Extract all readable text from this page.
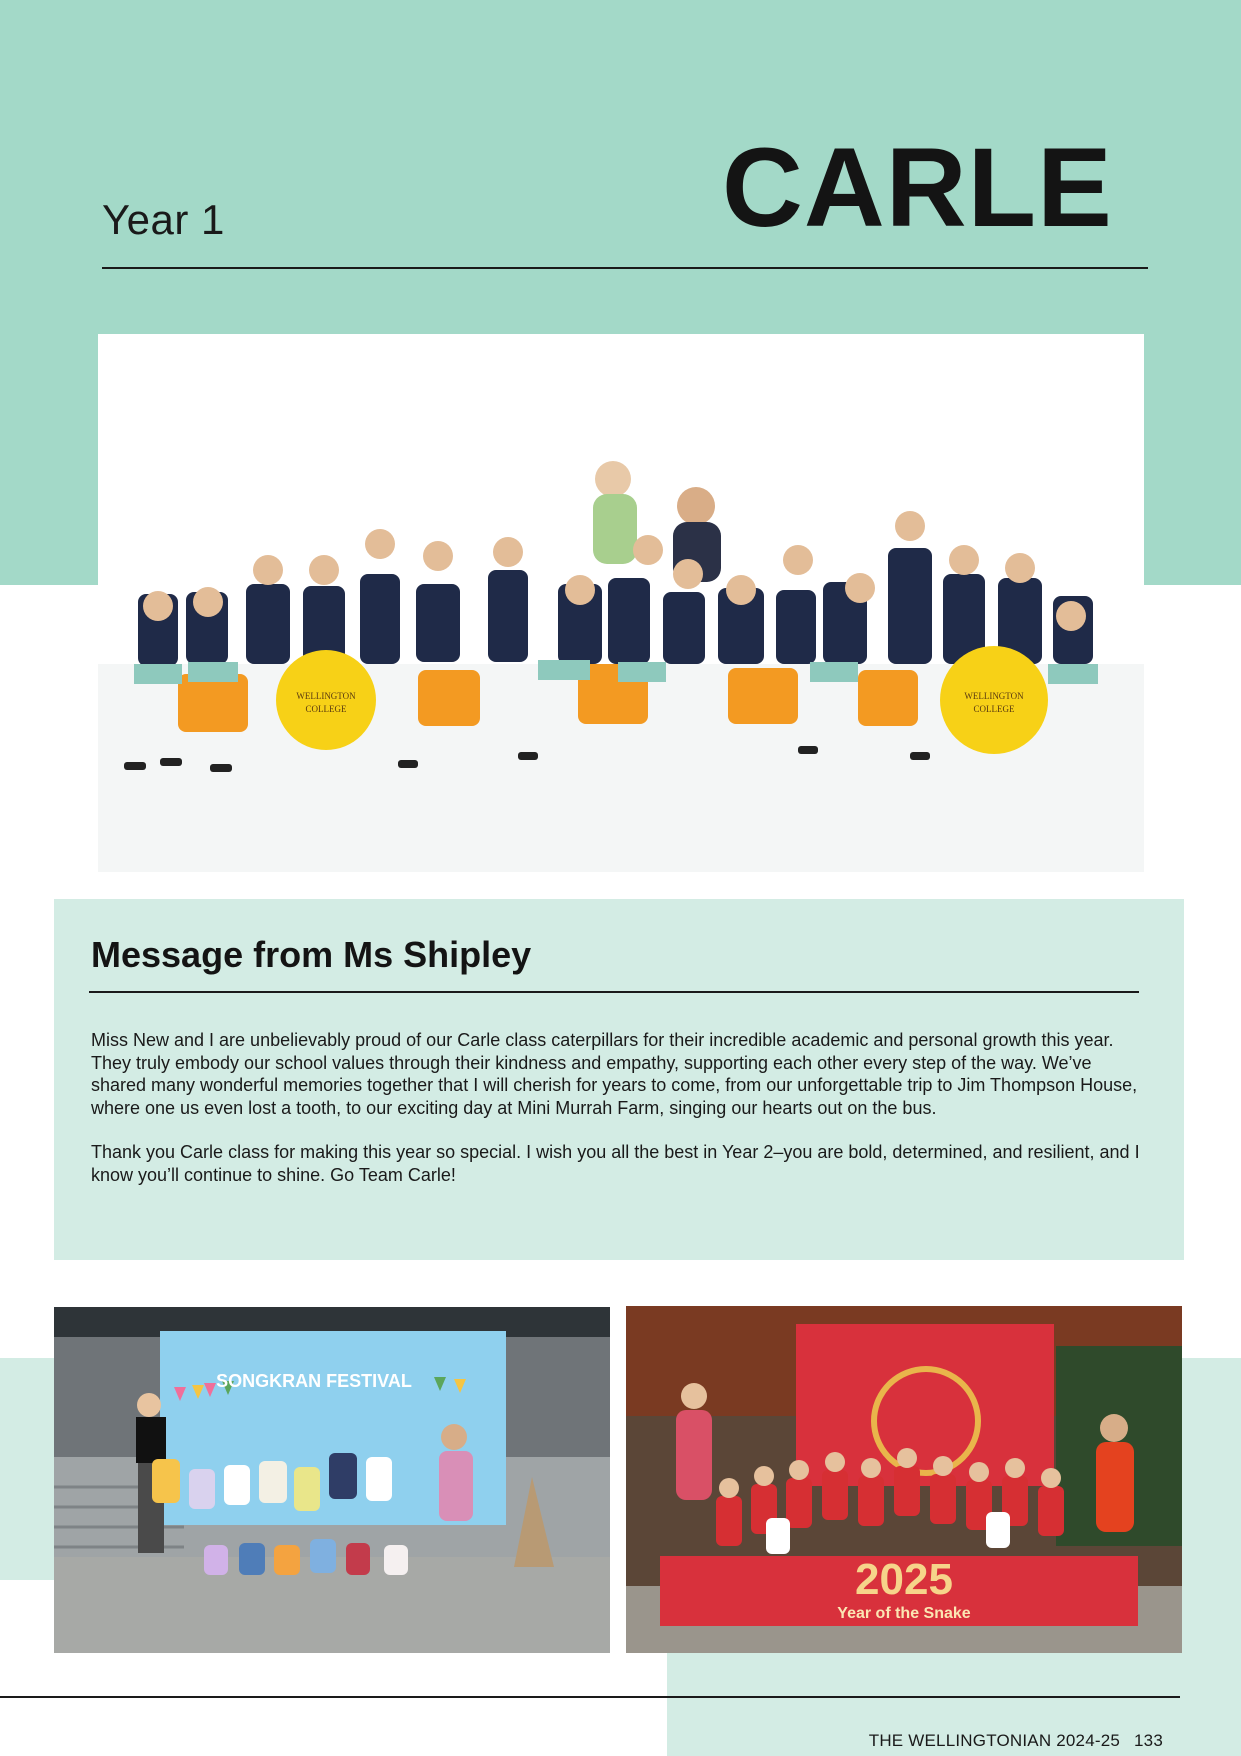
Year 1	CARLE
WELLINGTON
COLLEGE
WELLINGTON
COLLEGE
Message from Ms Shipley

Miss New and I are unbelievably proud of our Carle class caterpillars for their incredible academic and personal growth this year. They truly embody our school values through their kindness and empathy, supporting each other every step of the way. We’ve shared many wonderful memories together that I will cherish for years to come, from our unforgettable trip to Jim Thompson House, where one us even lost a tooth, to our exciting day at Mini Murrah Farm, singing our hearts out on the bus.

Thank you Carle class for making this year so special. I wish you all the best in Year 2–you are bold, determined, and resilient, and I know you’ll continue to shine. Go Team Carle!

SONGKRAN FESTIVAL
2025
Year of the Snake
THE WELLINGTONIAN 2024-25 133
